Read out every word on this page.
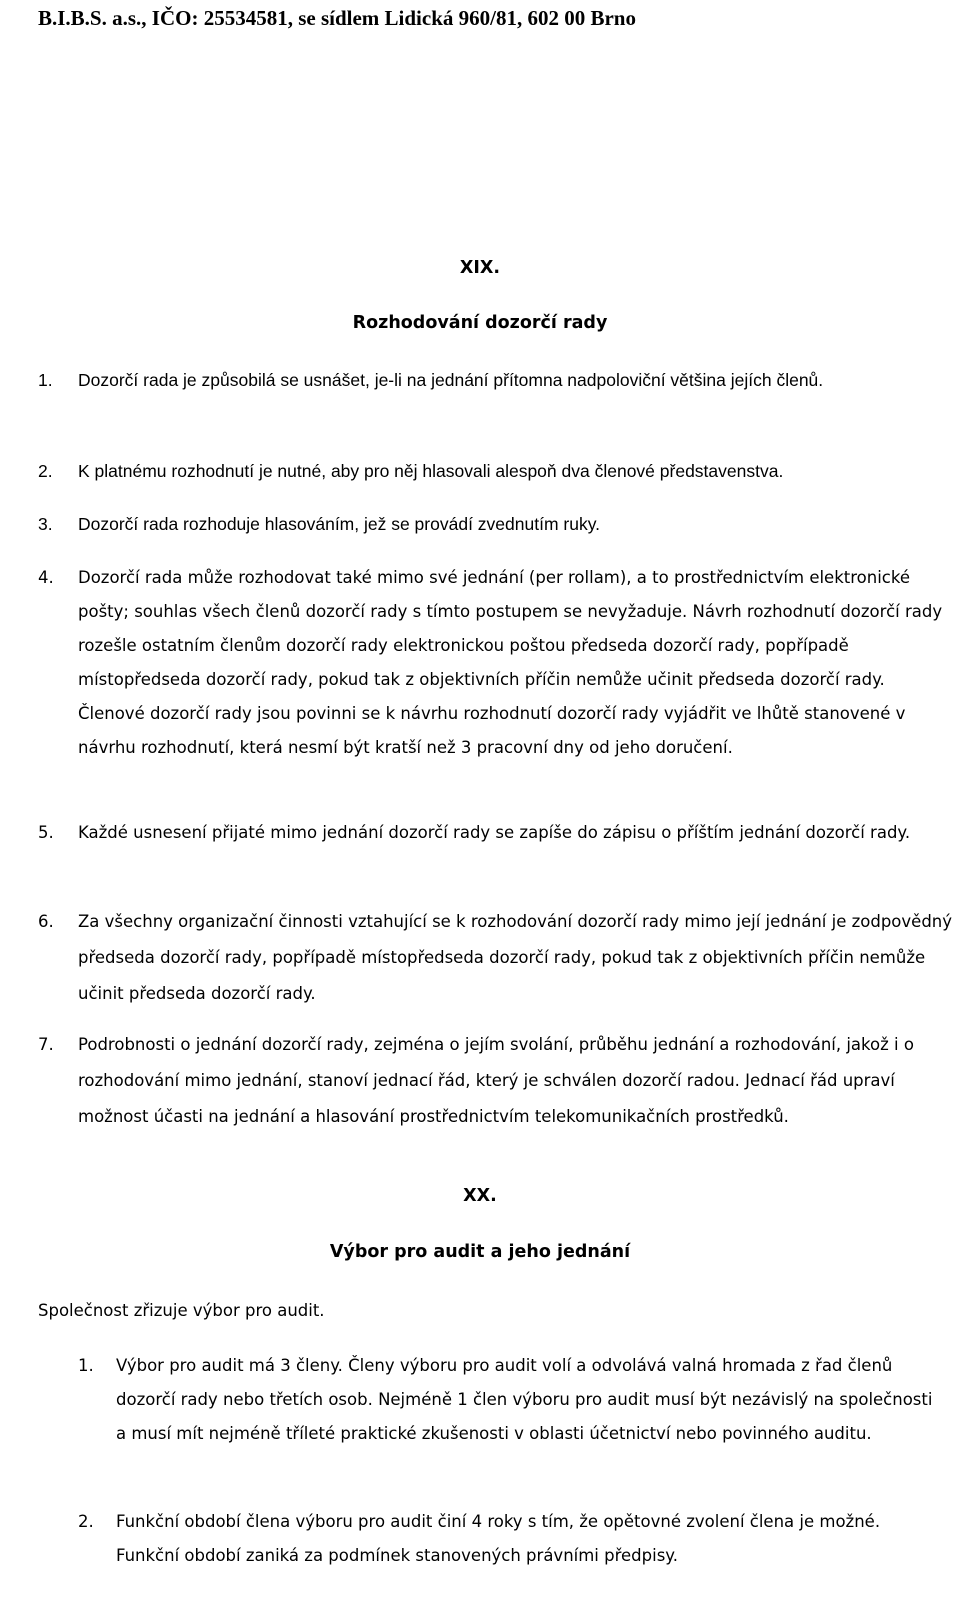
B.I.B.S. a.s., IČO: 25534581, se sídlem Lidická 960/81, 602 00 Brno
XIX.
Rozhodování dozorčí rady
1. Dozorčí rada je způsobilá se usnášet, je-li na jednání přítomna nadpoloviční většina jejích členů.
2. K platnému rozhodnutí je nutné, aby pro něj hlasovali alespoň dva členové představenstva.
3. Dozorčí rada rozhoduje hlasováním, jež se provádí zvednutím ruky.
4. Dozorčí rada může rozhodovat také mimo své jednání (per rollam), a to prostřednictvím elektronické pošty; souhlas všech členů dozorčí rady s tímto postupem se nevyžaduje. Návrh rozhodnutí dozorčí rady rozešle ostatním členům dozorčí rady elektronickou poštou předseda dozorčí rady, popřípadě místopředseda dozorčí rady, pokud tak z objektivních příčin nemůže učinit předseda dozorčí rady. Členové dozorčí rady jsou povinni se k návrhu rozhodnutí dozorčí rady vyjádřit ve lhůtě stanovené v návrhu rozhodnutí, která nesmí být kratší než 3 pracovní dny od jeho doručení.
5. Každé usnesení přijaté mimo jednání dozorčí rady se zapíše do zápisu o příštím jednání dozorčí rady.
6. Za všechny organizační činnosti vztahující se k rozhodování dozorčí rady mimo její jednání je zodpovědný předseda dozorčí rady, popřípadě místopředseda dozorčí rady, pokud tak z objektivních příčin nemůže učinit předseda dozorčí rady.
7. Podrobnosti o jednání dozorčí rady, zejména o jejím svolání, průběhu jednání a rozhodování, jakož i o rozhodování mimo jednání, stanoví jednací řád, který je schválen dozorčí radou. Jednací řád upraví možnost účasti na jednání a hlasování prostřednictvím telekomunikačních prostředků.
XX.
Výbor pro audit a jeho jednání
Společnost zřizuje výbor pro audit.
1. Výbor pro audit má 3 členy. Členy výboru pro audit volí a odvolává valná hromada z řad členů dozorčí rady nebo třetích osob. Nejméně 1 člen výboru pro audit musí být nezávislý na společnosti a musí mít nejméně tříleté praktické zkušenosti v oblasti účetnictví nebo povinného auditu.
2. Funkční období člena výboru pro audit činí 4 roky s tím, že opětovné zvolení člena je možné. Funkční období zaniká za podmínek stanovených právními předpisy.
